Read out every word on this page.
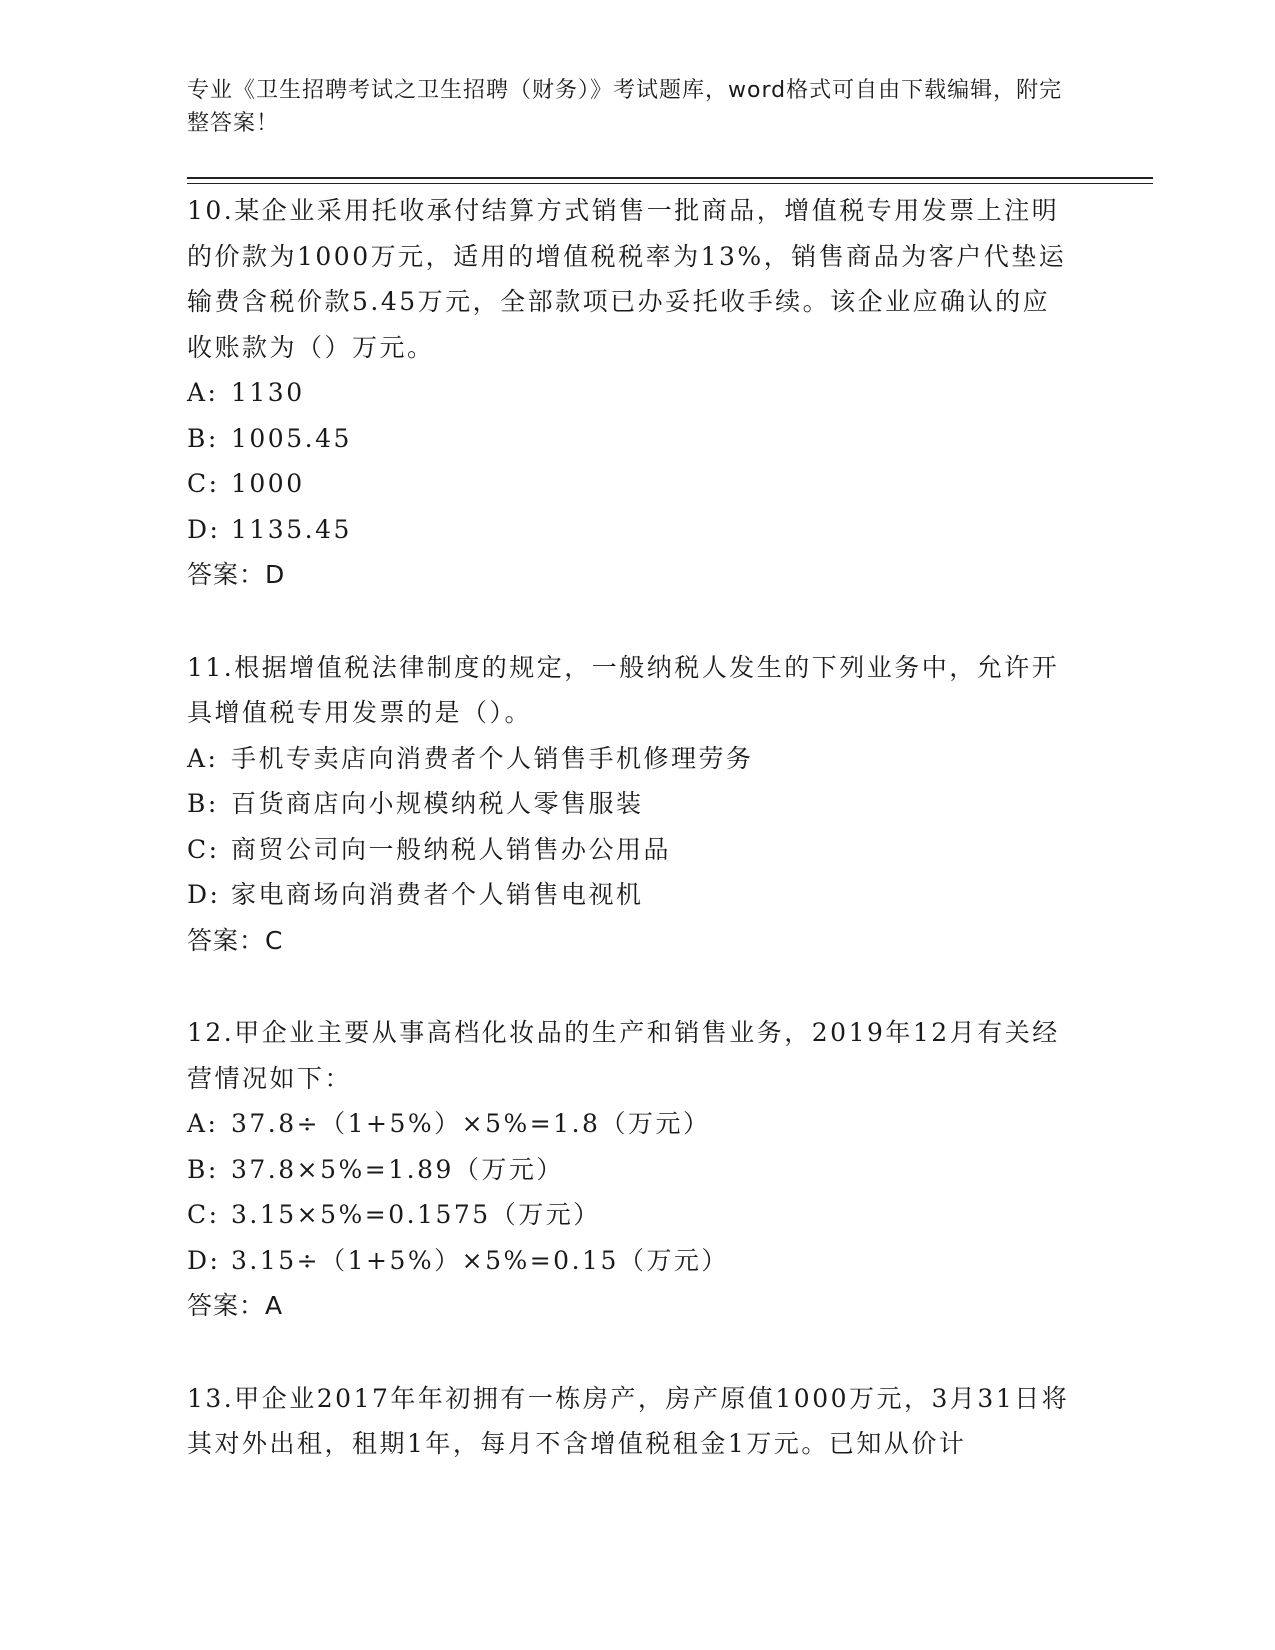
专业《卫生招聘考试之卫生招聘（财务）》考试题库，word格式可自由下载编辑，附完整答案！

10.某企业采用托收承付结算方式销售一批商品，增值税专用发票上注明的价款为1000万元，适用的增值税税率为13%，销售商品为客户代垫运输费含税价款5.45万元，全部款项已办妥托收手续。该企业应确认的应收账款为（）万元。

A: 1130
B: 1005.45
C: 1000
D: 1135.45
答案：D

11.根据增值税法律制度的规定，一般纳税人发生的下列业务中，允许开具增值税专用发票的是（）。

A: 手机专卖店向消费者个人销售手机修理劳务
B: 百货商店向小规模纳税人零售服装
C: 商贸公司向一般纳税人销售办公用品
D: 家电商场向消费者个人销售电视机
答案：C

12.甲企业主要从事高档化妆品的生产和销售业务，2019年12月有关经营情况如下：

A: 37.8÷（1+5%）×5%=1.8（万元）
B: 37.8×5%=1.89（万元）
C: 3.15×5%=0.1575（万元）
D: 3.15÷（1+5%）×5%=0.15（万元）
答案：A

13.甲企业2017年年初拥有一栋房产，房产原值1000万元，3月31日将其对外出租，租期1年，每月不含增值税租金1万元。已知从价计
